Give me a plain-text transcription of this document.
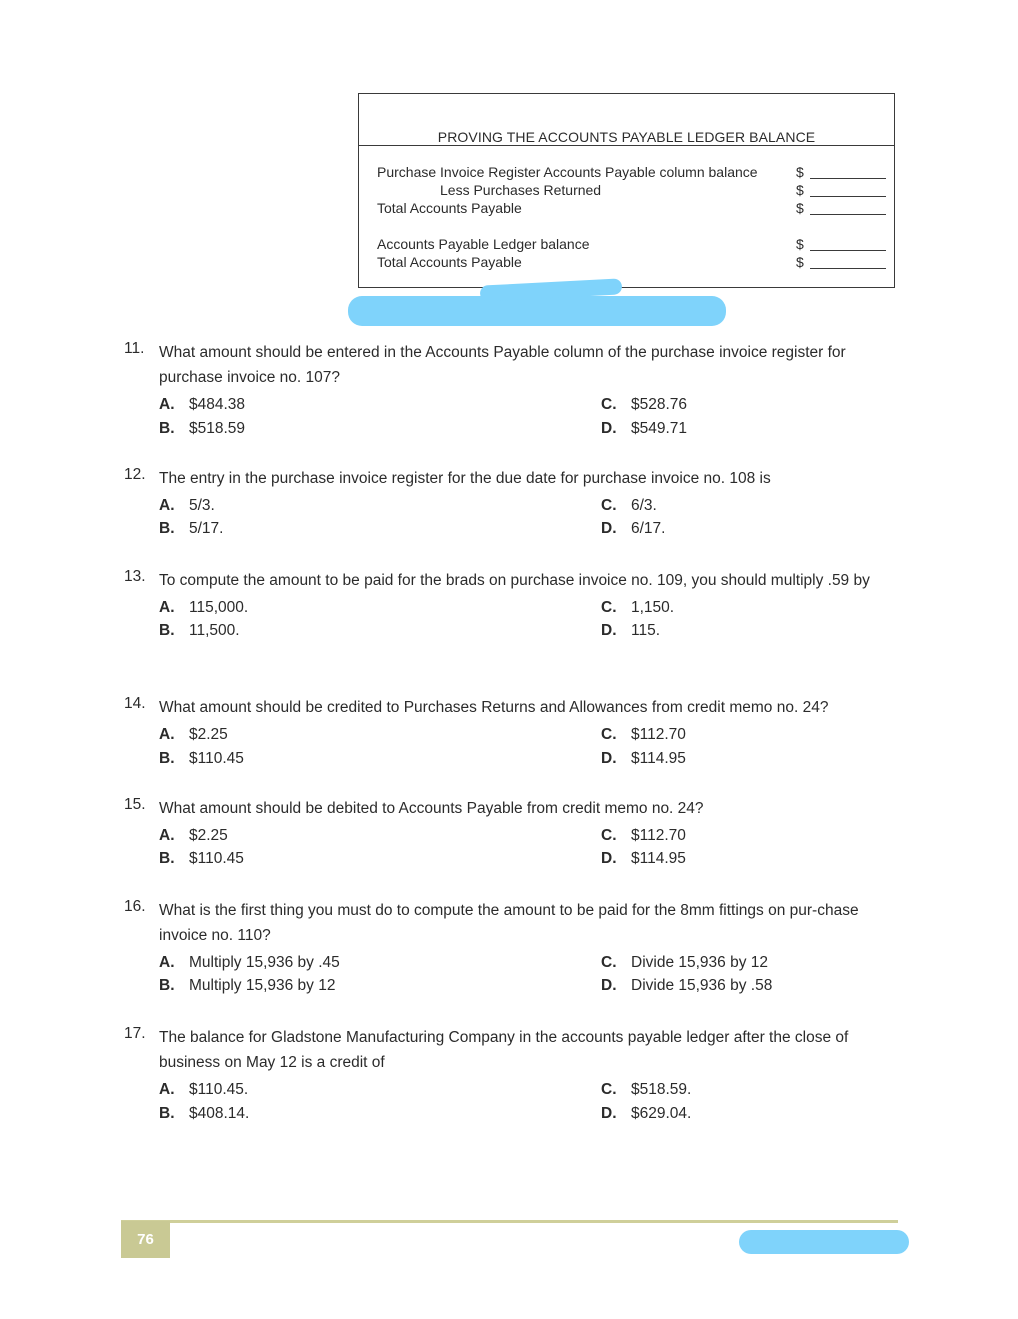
PROVING THE ACCOUNTS PAYABLE LEDGER BALANCE
Purchase Invoice Register Accounts Payable column balance	$
Less Purchases Returned	$
Total Accounts Payable	$
Accounts Payable Ledger balance	$
Total Accounts Payable	$
11. What amount should be entered in the Accounts Payable column of the purchase invoice register for purchase invoice no. 107?
A. $484.38
B. $518.59
C. $528.76
D. $549.71
12. The entry in the purchase invoice register for the due date for purchase invoice no. 108 is
A. 5/3.
B. 5/17.
C. 6/3.
D. 6/17.
13. To compute the amount to be paid for the brads on purchase invoice no. 109, you should multiply .59 by
A. 115,000.
B. 11,500.
C. 1,150.
D. 115.
14. What amount should be credited to Purchases Returns and Allowances from credit memo no. 24?
A. $2.25
B. $110.45
C. $112.70
D. $114.95
15. What amount should be debited to Accounts Payable from credit memo no. 24?
A. $2.25
B. $110.45
C. $112.70
D. $114.95
16. What is the first thing you must do to compute the amount to be paid for the 8mm fittings on pur-chase invoice no. 110?
A. Multiply 15,936 by .45
B. Multiply 15,936 by 12
C. Divide 15,936 by 12
D. Divide 15,936 by .58
17. The balance for Gladstone Manufacturing Company in the accounts payable ledger after the close of business on May 12 is a credit of
A. $110.45.
B. $408.14.
C. $518.59.
D. $629.04.
76
